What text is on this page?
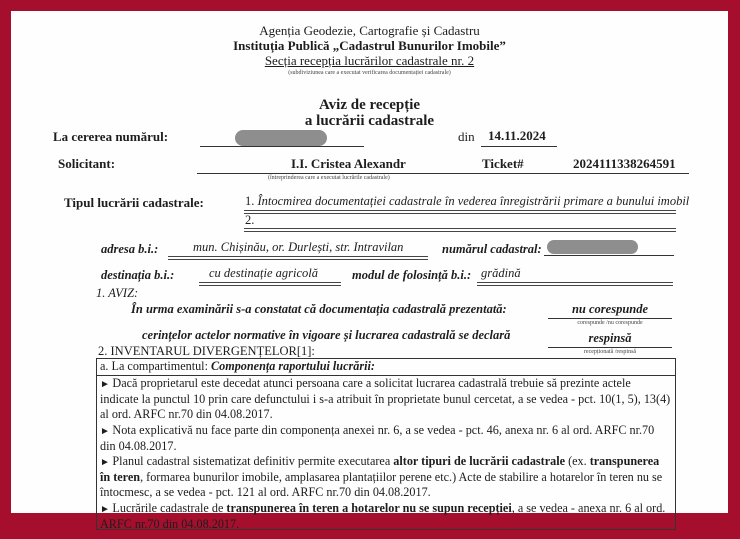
Agenția Geodezie, Cartografie și Cadastru
Instituția Publică „Cadastrul Bunurilor Imobile”
Secția recepția lucrărilor cadastrale nr. 2
(subdiviziunea care a executat verificarea documentației cadastrale)
Aviz de recepție
a lucrării cadastrale
La cererea numărul:	din 14.11.2024
Solicitant:	I.I. Cristea Alexandr	Ticket#	2024111338264591
(întreprinderea care a executat lucrările cadastrale)
Tipul lucrării cadastrale:	1. Întocmirea documentației cadastrale în vederea înregistrării primare a bunului imobil
2.
adresa b.i.:	mun. Chișinău, or. Durlești, str. Intravilan	numărul cadastral:
destinația b.i.:	cu destinație agricolă	modul de folosință b.i.: grădină
1. AVIZ:
În urma examinării s-a constatat că documentația cadastrală prezentată:	nu corespunde
corespunde /nu corespunde
cerințelor actelor normative în vigoare și lucrarea cadastrală se declară	respinsă
recepționată /respinsă
2. INVENTARUL DIVERGENȚELOR[1]:
a. La compartimentul: Componența raportului lucrării:

► Dacă proprietarul este decedat atunci persoana care a solicitat lucrarea cadastrală trebuie să prezinte actele indicate la punctul 10 prin care defunctului i s-a atribuit în proprietate bunul cercetat, a se vedea - pct. 10(1, 5), 13(4) al ord. ARFC nr.70 din 04.08.2017.

► Nota explicativă nu face parte din componența anexei nr. 6, a se vedea - pct. 46, anexa nr. 6 al ord. ARFC nr.70 din 04.08.2017.

► Planul cadastral sistematizat definitiv permite executarea altor tipuri de lucrării cadastrale (ex. transpunerea în teren, formarea bunurilor imobile, amplasarea plantațiilor perene etc.) Acte de stabilire a hotarelor în teren nu se întocmesc, a se vedea - pct. 121 al ord. ARFC nr.70 din 04.08.2017.

► Lucrările cadastrale de transpunerea în teren a hotarelor nu se supun recepției, a se vedea - anexa nr. 6 al ord. ARFC nr.70 din 04.08.2017.
